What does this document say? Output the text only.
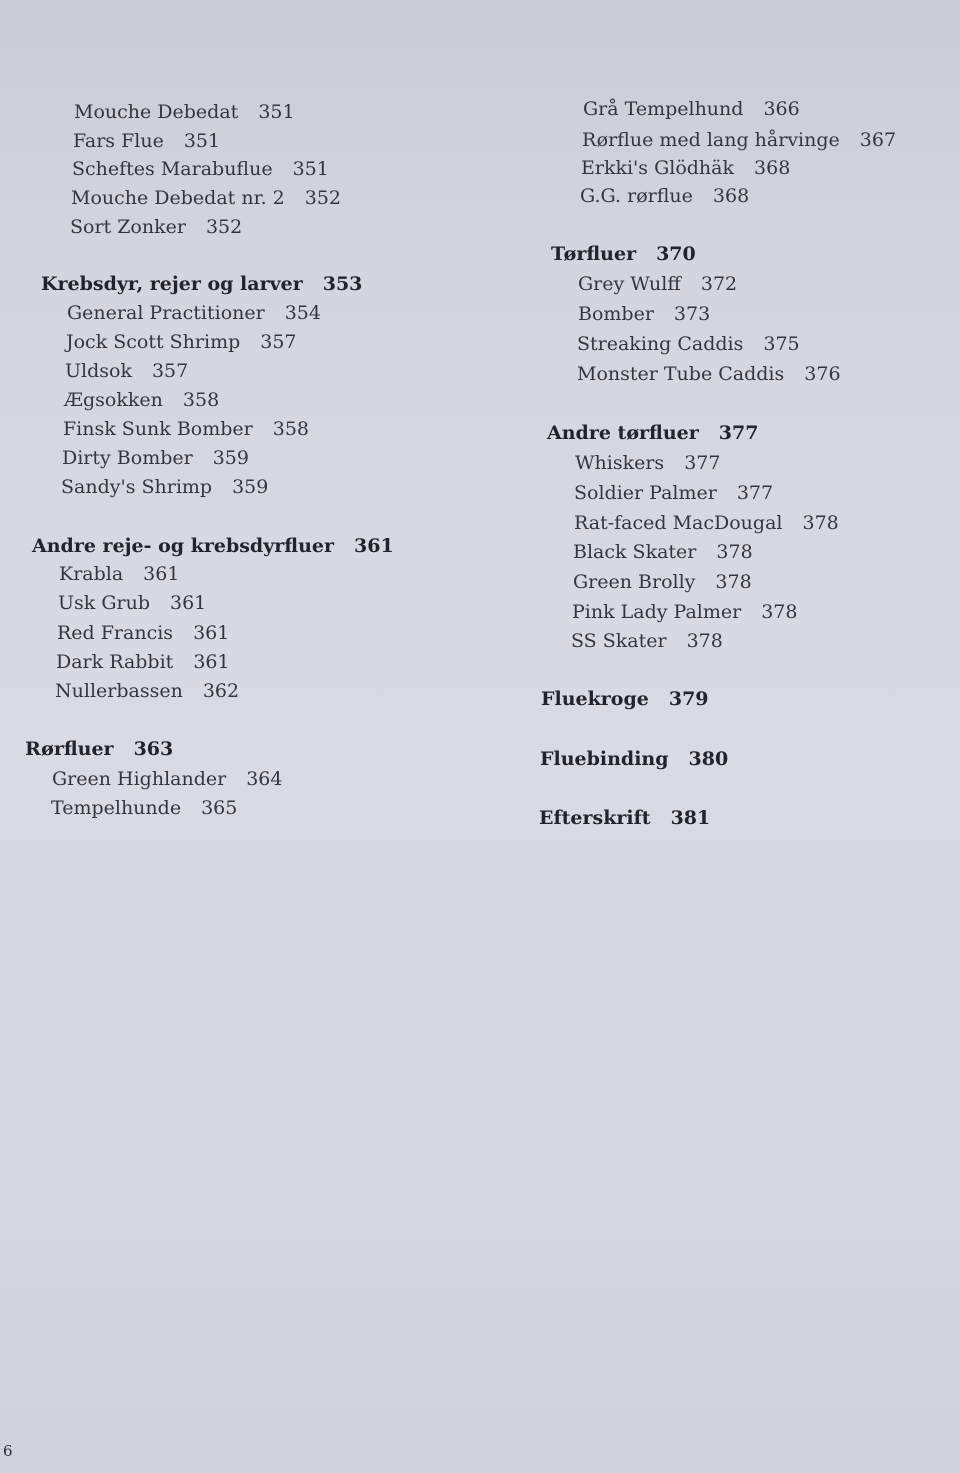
Mouche Debedat 351
Fars Flue 351
Scheftes Marabuflue 351
Mouche Debedat nr. 2 352
Sort Zonker 352
Krebsdyr, rejer og larver 353
General Practitioner 354
Jock Scott Shrimp 357
Uldsok 357
Ægsokken 358
Finsk Sunk Bomber 358
Dirty Bomber 359
Sandy's Shrimp 359
Andre reje- og krebsdyrfluer 361
Krabla 361
Usk Grub 361
Red Francis 361
Dark Rabbit 361
Nullerbassen 362
Rørfluer 363
Green Highlander 364
Tempelhunde 365
Grå Tempelhund 366
Rørflue med lang hårvinge 367
Erkki's Glödhäk 368
G.G. rørflue 368
Tørfluer 370
Grey Wulff 372
Bomber 373
Streaking Caddis 375
Monster Tube Caddis 376
Andre tørfluer 377
Whiskers 377
Soldier Palmer 377
Rat-faced MacDougal 378
Black Skater 378
Green Brolly 378
Pink Lady Palmer 378
SS Skater 378
Fluekroge 379
Fluebinding 380
Efterskrift 381
6
